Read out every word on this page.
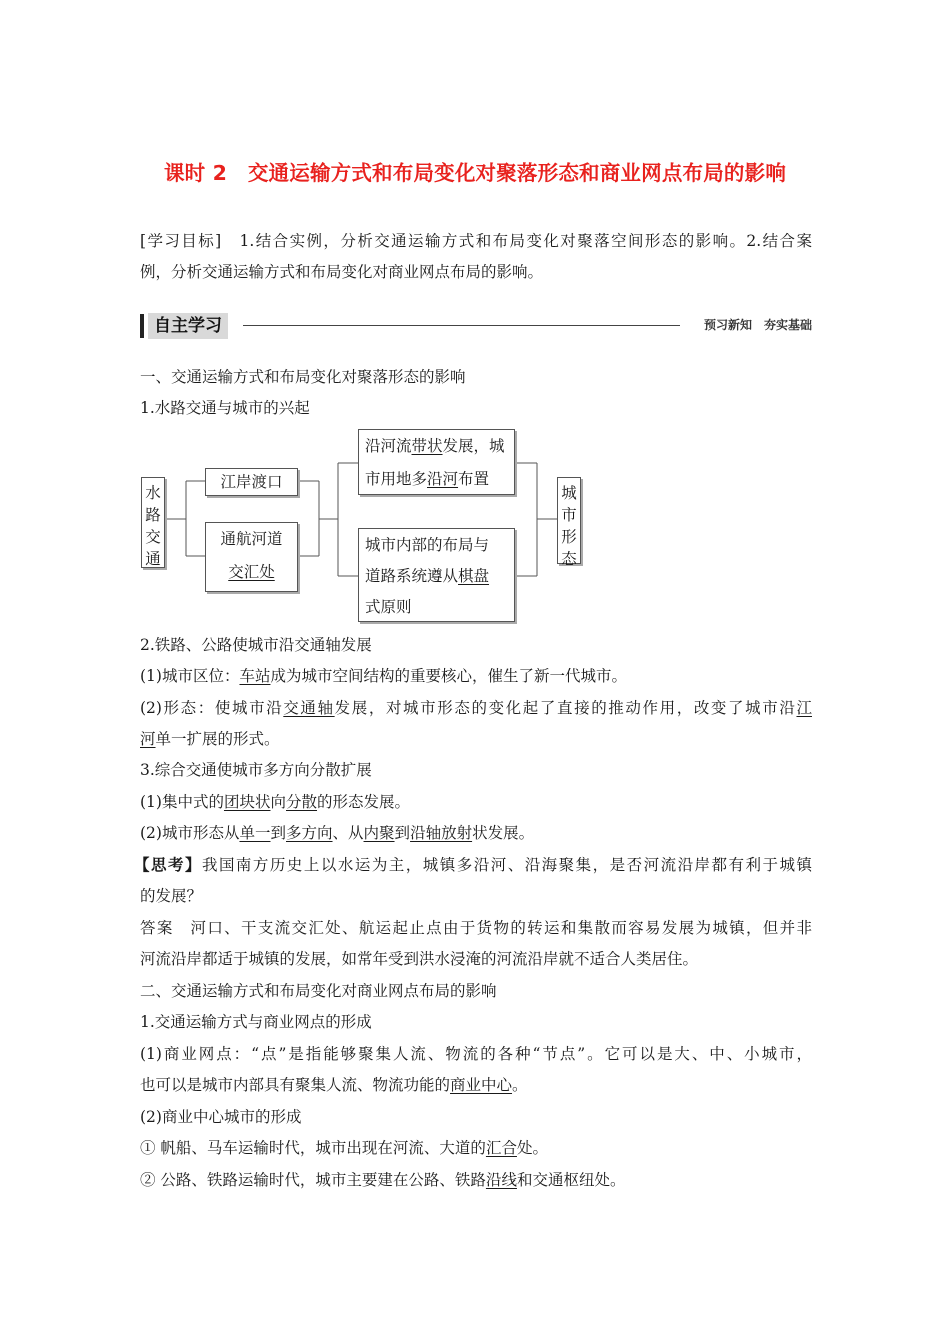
课时 2　交通运输方式和布局变化对聚落形态和商业网点布局的影响
[学习目标]　 1.结合实例，分析交通运输方式和布局变化对聚落空间形态的影响。2.结合案
例，分析交通运输方式和布局变化对商业网点布局的影响。
自主学习	预习新知　夯实基础
一、交通运输方式和布局变化对聚落形态的影响
1.水路交通与城市的兴起
水
路
交
通
江岸渡口
通航河道
交汇处
沿河流带状发展，城
市用地多沿河布置
城市内部的布局与
道路系统遵从棋盘
式原则
城
市
形
态
2.铁路、公路使城市沿交通轴发展
(1)城市区位：车站成为城市空间结构的重要核心，催生了新一代城市。
(2)形态：使城市沿交通轴发展，对城市形态的变化起了直接的推动作用，改变了城市沿江
河单一扩展的形式。
3.综合交通使城市多方向分散扩展
(1)集中式的团块状向分散的形态发展。
(2)城市形态从单一到多方向、从内聚到沿轴放射状发展。
【思考】我国南方历史上以水运为主，城镇多沿河、沿海聚集，是否河流沿岸都有利于城镇
的发展？
答案　 河口、干支流交汇处、航运起止点由于货物的转运和集散而容易发展为城镇，但并非
河流沿岸都适于城镇的发展，如常年受到洪水浸淹的河流沿岸就不适合人类居住。
二、交通运输方式和布局变化对商业网点布局的影响
1.交通运输方式与商业网点的形成
(1)商业网点：“点”是指能够聚集人流、物流的各种“节点”。它可以是大、中、小城市，
也可以是城市内部具有聚集人流、物流功能的商业中心。
(2)商业中心城市的形成
① 帆船、马车运输时代，城市出现在河流、大道的汇合处。
② 公路、铁路运输时代，城市主要建在公路、铁路沿线和交通枢纽处。
